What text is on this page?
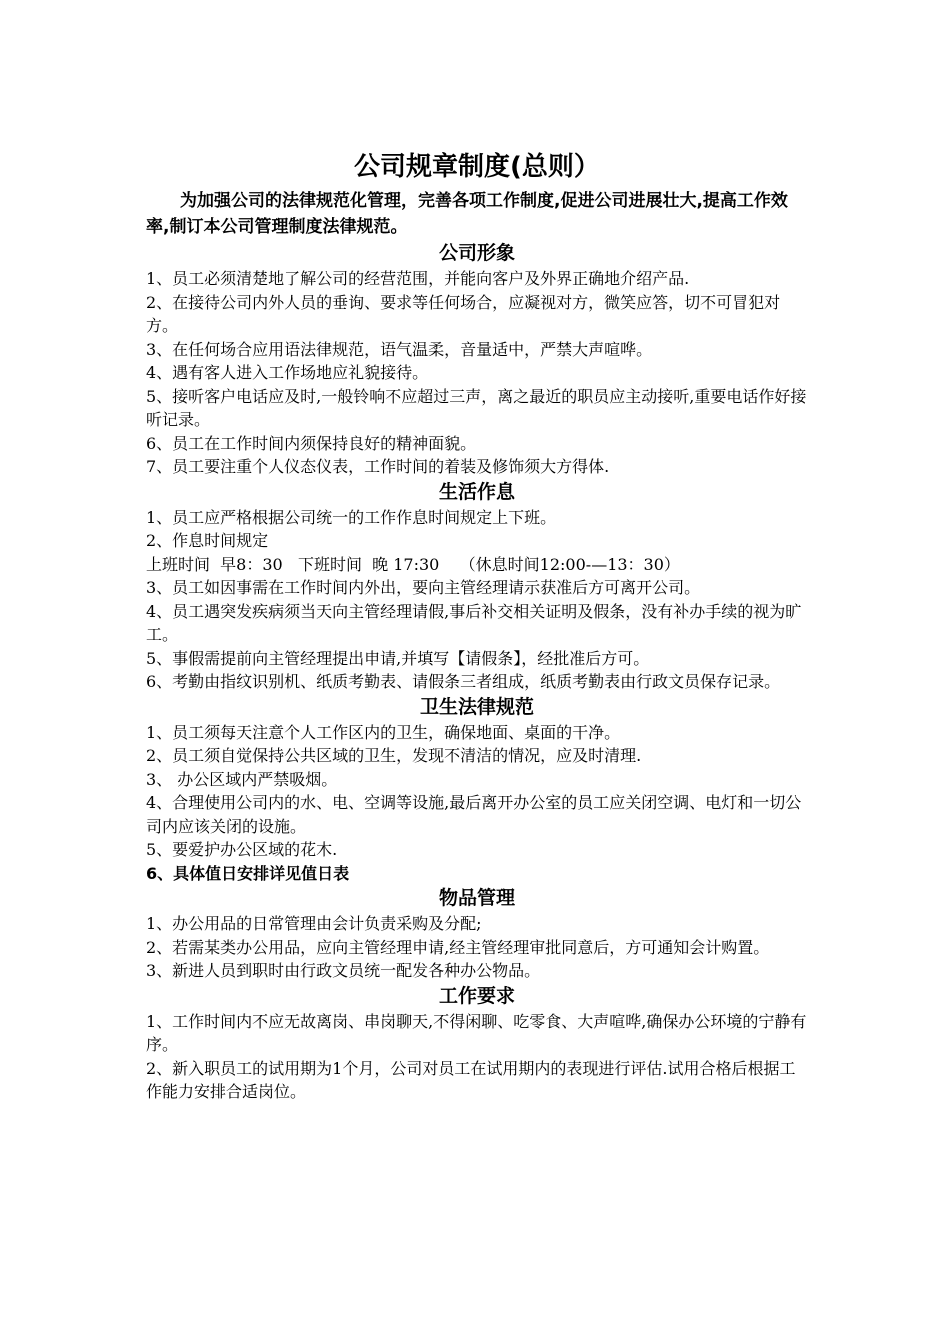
公司规章制度(总则）

为加强公司的法律规范化管理，完善各项工作制度,促进公司进展壮大,提高工作效率,制订本公司管理制度法律规范。

公司形象

1、员工必须清楚地了解公司的经营范围，并能向客户及外界正确地介绍产品.

2、在接待公司内外人员的垂询、要求等任何场合，应凝视对方，微笑应答，切不可冒犯对方。

3、在任何场合应用语法律规范，语气温柔，音量适中，严禁大声喧哗。

4、遇有客人进入工作场地应礼貌接待。

5、接听客户电话应及时,一般铃响不应超过三声，离之最近的职员应主动接听,重要电话作好接听记录。

6、员工在工作时间内须保持良好的精神面貌。

7、员工要注重个人仪态仪表，工作时间的着装及修饰须大方得体.

生活作息

1、员工应严格根据公司统一的工作作息时间规定上下班。

2、作息时间规定

上班时间  早8：30   下班时间  晚 17:30    （休息时间12:00-—13：30）

3、员工如因事需在工作时间内外出，要向主管经理请示获准后方可离开公司。

4、员工遇突发疾病须当天向主管经理请假,事后补交相关证明及假条，没有补办手续的视为旷工。

5、事假需提前向主管经理提出申请,并填写【请假条】，经批准后方可。

6、考勤由指纹识别机、纸质考勤表、请假条三者组成，纸质考勤表由行政文员保存记录。

卫生法律规范

1、员工须每天注意个人工作区内的卫生，确保地面、桌面的干净。

2、员工须自觉保持公共区域的卫生，发现不清洁的情况，应及时清理.

3、 办公区域内严禁吸烟。

4、合理使用公司内的水、电、空调等设施,最后离开办公室的员工应关闭空调、电灯和一切公司内应该关闭的设施。

5、要爱护办公区域的花木.

6、具体值日安排详见值日表

物品管理

1、办公用品的日常管理由会计负责采购及分配;

2、若需某类办公用品，应向主管经理申请,经主管经理审批同意后，方可通知会计购置。

3、新进人员到职时由行政文员统一配发各种办公物品。

工作要求

1、工作时间内不应无故离岗、串岗聊天,不得闲聊、吃零食、大声喧哗,确保办公环境的宁静有序。

2、新入职员工的试用期为1个月，公司对员工在试用期内的表现进行评估.试用合格后根据工作能力安排合适岗位。
